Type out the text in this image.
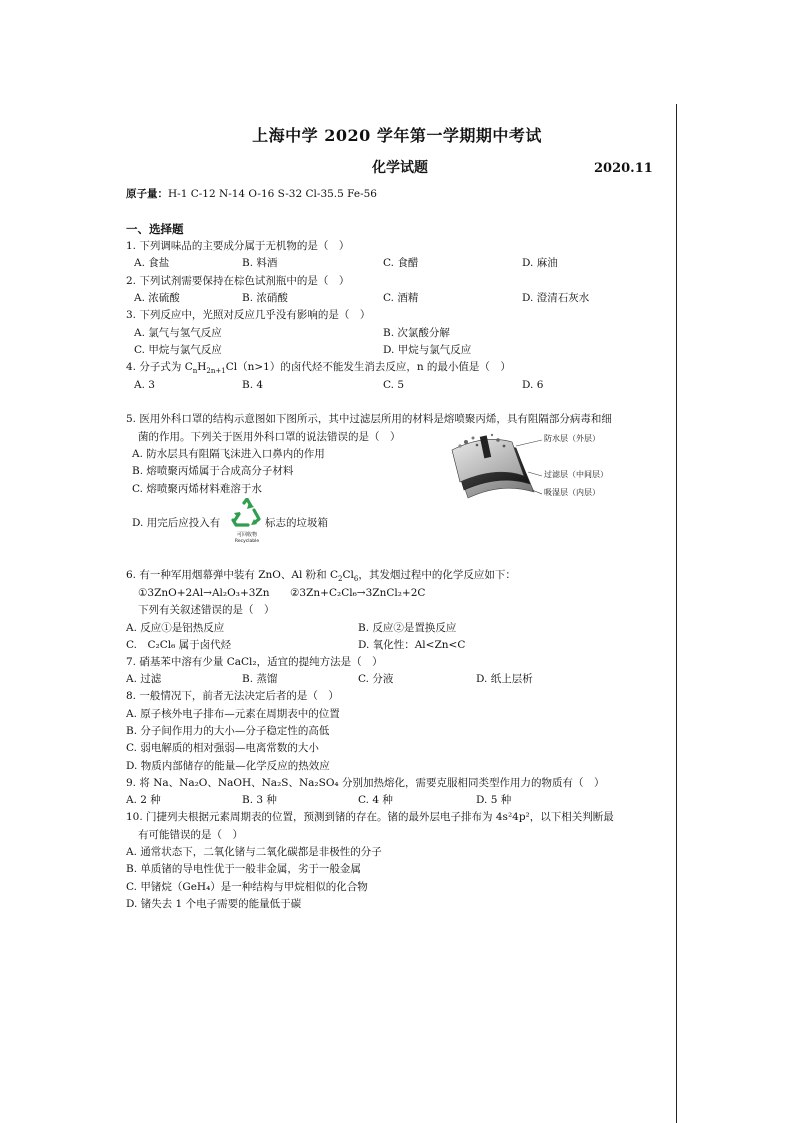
上海中学 2020 学年第一学期期中考试
化学试题	2020.11
原子量：H-1 C-12 N-14 O-16 S-32 Cl-35.5 Fe-56
一、选择题
1. 下列调味品的主要成分属于无机物的是（　）
A. 食盐	B. 料酒	C. 食醋	D. 麻油
2. 下列试剂需要保持在棕色试剂瓶中的是（　）
A. 浓硫酸	B. 浓硝酸	C. 酒精	D. 澄清石灰水
3. 下列反应中，光照对反应几乎没有影响的是（　）
A. 氯气与氢气反应	B. 次氯酸分解
C. 甲烷与氯气反应	D. 甲烷与氯气反应
4. 分子式为 $C_nH_{2n+1}Cl(n>1)$的卤代烃不能发生消去反应，n 的最小值是（　）
A. 3	B. 4	C. 5	D. 6
5. 医用外科口罩的结构示意图如下图所示，其中过滤层所用的材料是熔喷聚丙烯，具有阻隔部分病毒和细
菌的作用。下列关于医用外科口罩的说法错误的是（　）
A. 防水层具有阻隔飞沫进入口鼻内的作用
B. 熔喷聚丙烯属于合成高分子材料
C. 熔喷聚丙烯材料难溶于水
D. 用完后应投入有	标志的垃圾箱
可回收物
Recyclable
防水层（外层）
过滤层（中间层）
吸湿层（内层）
6. 有一种军用烟幕弹中装有 ZnO、Al 粉和 $C_2Cl_6$，其发烟过程中的化学反应如下：
①3ZnO+2Al→Al₂O₃+3Zn ②3Zn+C₂Cl₆→3ZnCl₂+2C
下列有关叙述错误的是（　）
A. 反应①是铝热反应	B. 反应②是置换反应
C.　C₂Cl₆ 属于卤代烃	D. 氧化性：Al<Zn<C
7. 硝基苯中溶有少量 CaCl₂，适宜的提纯方法是（　）
A. 过滤	B. 蒸馏	C. 分液	D. 纸上层析
8. 一般情况下，前者无法决定后者的是（　）
A. 原子核外电子排布—元素在周期表中的位置
B. 分子间作用力的大小—分子稳定性的高低
C. 弱电解质的相对强弱—电离常数的大小
D. 物质内部储存的能量—化学反应的热效应
9. 将 Na、Na₂O、NaOH、Na₂S、Na₂SO₄ 分别加热熔化，需要克服相同类型作用力的物质有（　）
A. 2 种	B. 3 种	C. 4 种	D. 5 种
10. 门捷列夫根据元素周期表的位置，预测到锗的存在。锗的最外层电子排布为 4s²4p²，以下相关判断最
有可能错误的是（　）
A. 通常状态下，二氧化锗与二氧化碳都是非极性的分子
B. 单质锗的导电性优于一般非金属，劣于一般金属
C. 甲锗烷（GeH₄）是一种结构与甲烷相似的化合物
D. 锗失去 1 个电子需要的能量低于碳
